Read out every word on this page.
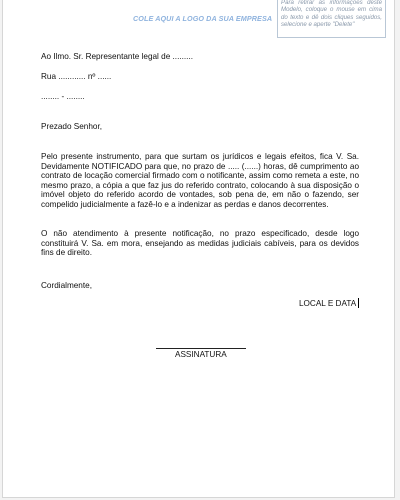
COLE AQUI A LOGO DA SUA EMPRESA
Para retirar as informações deste Modelo, coloque o mouse em cima do texto e dê dois cliques seguidos, selecione e aperte "Delete"
Ao Ilmo. Sr. Representante legal de .........
Rua ............ nº ......
........ - ........
Prezado Senhor,
Pelo presente instrumento, para que surtam os jurídicos e legais efeitos, fica V. Sa. Devidamente NOTIFICADO para que, no prazo de ..... (......) horas, dê cumprimento ao contrato de locação comercial firmado com o notificante, assim como remeta a este, no mesmo prazo, a cópia a que faz jus do referido contrato, colocando à sua disposição o imóvel objeto do referido acordo de vontades, sob pena de, em não o fazendo, ser compelido judicialmente a fazê-lo e a indenizar as perdas e danos decorrentes.
O não atendimento à presente notificação, no prazo especificado, desde logo constituirá V. Sa. em mora, ensejando as medidas judiciais cabíveis, para os devidos fins de direito.
Cordialmente,
LOCAL E DATA
ASSINATURA
